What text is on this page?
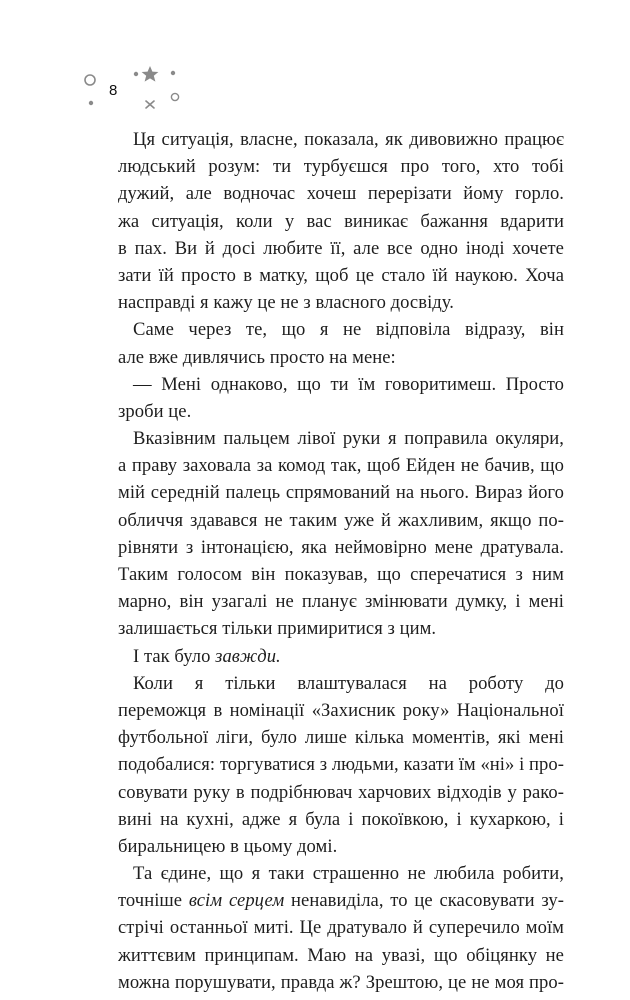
8
Ця ситуація, власне, показала, як дивовижно працює
людський розум: ти турбуєшся про того, хто тобі
дужий, але водночас хочеш перерізати йому горло.
жа ситуація, коли у вас виникає бажання вдарити
в пах. Ви й досі любите її, але все одно іноді хочете
зати їй просто в матку, щоб це стало їй наукою. Хоча
насправді я кажу це не з власного досвіду.
Саме через те, що я не відповіла відразу, він
але вже дивлячись просто на мене:
— Мені однаково, що ти їм говоритимеш. Просто
зроби це.
Вказівним пальцем лівої руки я поправила окуляри,
а праву заховала за комод так, щоб Ейден не бачив, що
мій середній палець спрямований на нього. Вираз його
обличчя здавався не таким уже й жахливим, якщо по-
рівняти з інтонацією, яка неймовірно мене дратувала.
Таким голосом він показував, що сперечатися з ним
марно, він узагалі не планує змінювати думку, і мені
залишається тільки примиритися з цим.
І так було завжди.
Коли я тільки влаштувалася на роботу до
переможця в номінації «Захисник року» Національної
футбольної ліги, було лише кілька моментів, які мені
подобалися: торгуватися з людьми, казати їм «ні» і про-
совувати руку в подрібнювач харчових відходів у рако-
вині на кухні, адже я була і покоївкою, і кухаркою, і
биральницею в цьому домі.
Та єдине, що я таки страшенно не любила робити,
точніше всім серцем ненавиділа, то це скасовувати зу-
стрічі останньої миті. Це дратувало й суперечило моїм
життєвим принципам. Маю на увазі, що обіцянку не
можна порушувати, правда ж? Зрештою, це не моя про-
